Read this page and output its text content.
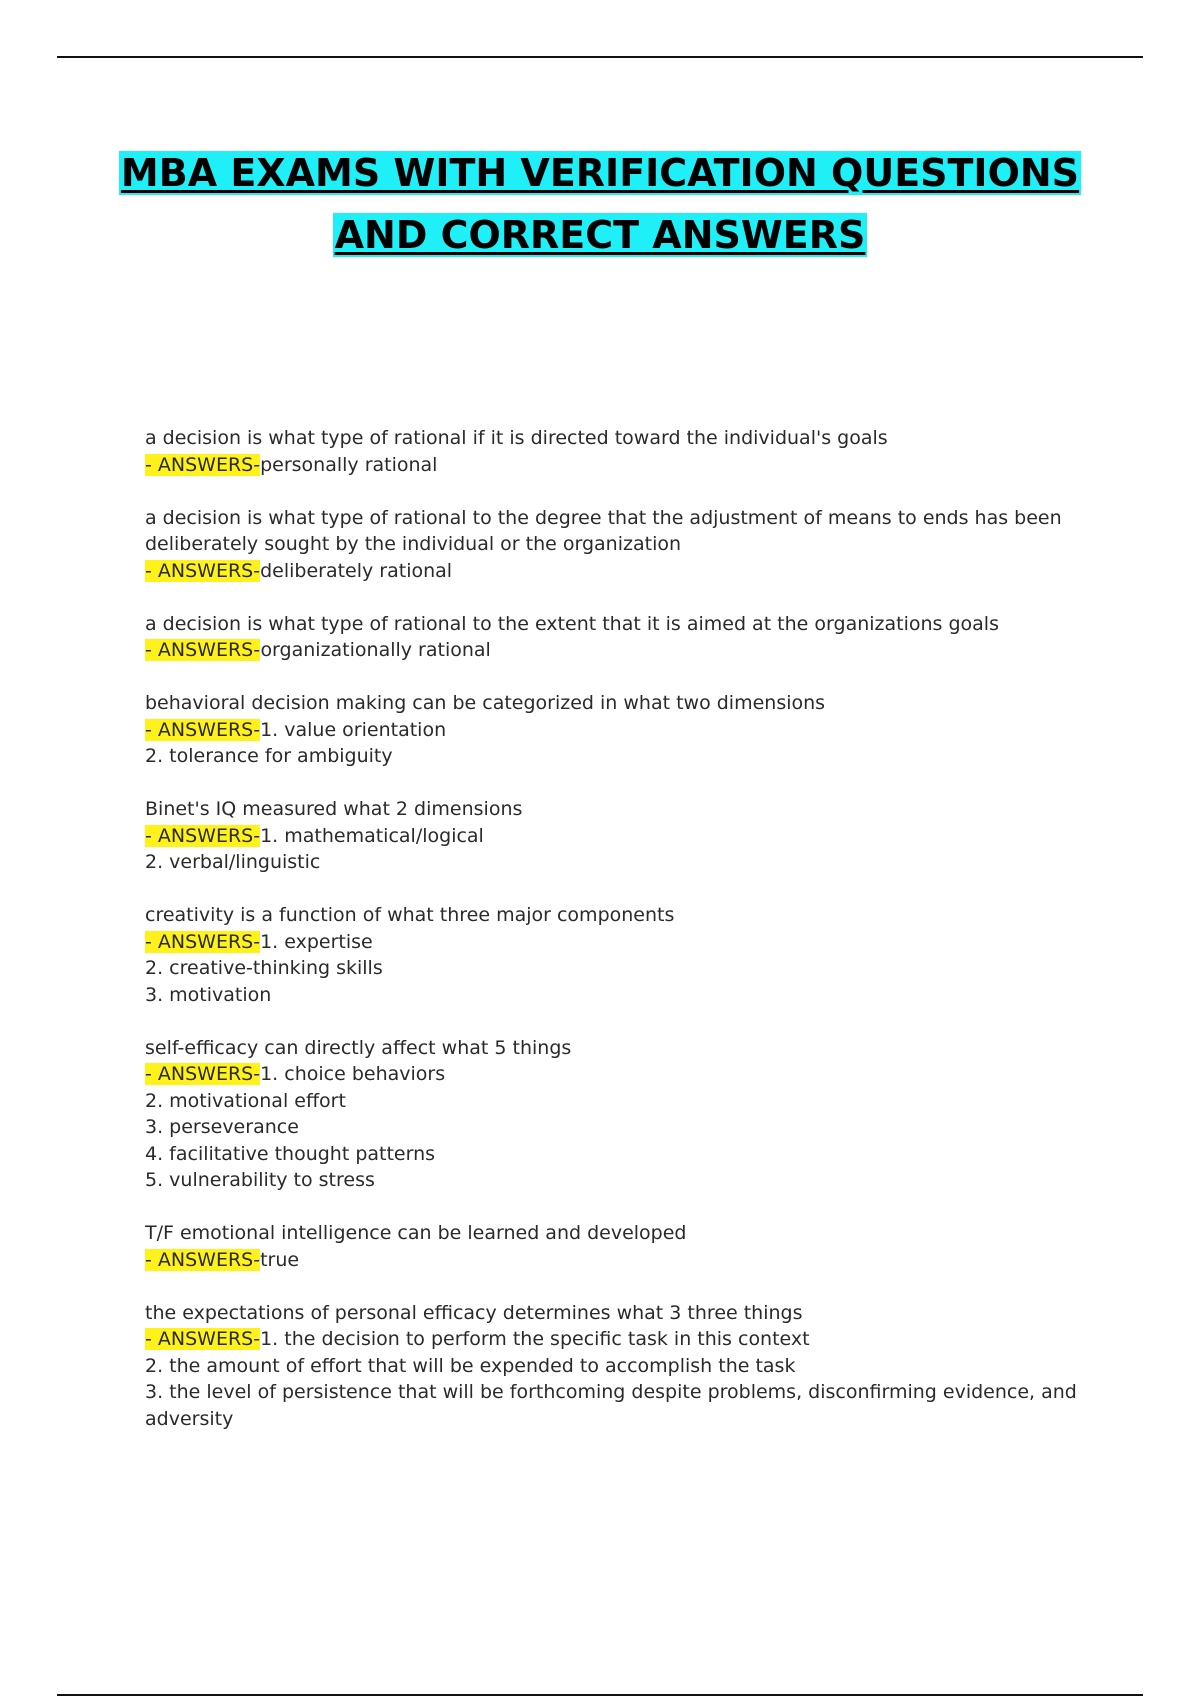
MBA EXAMS WITH VERIFICATION QUESTIONS
AND CORRECT ANSWERS
a decision is what type of rational if it is directed toward the individual's goals
- ANSWERS-personally rational
a decision is what type of rational to the degree that the adjustment of means to ends has been deliberately sought by the individual or the organization
- ANSWERS-deliberately rational
a decision is what type of rational to the extent that it is aimed at the organizations goals
- ANSWERS-organizationally rational
behavioral decision making can be categorized in what two dimensions
- ANSWERS-1. value orientation
2. tolerance for ambiguity
Binet's IQ measured what 2 dimensions
- ANSWERS-1. mathematical/logical
2. verbal/linguistic
creativity is a function of what three major components
- ANSWERS-1. expertise
2. creative-thinking skills
3. motivation
self-efficacy can directly affect what 5 things
- ANSWERS-1. choice behaviors
2. motivational effort
3. perseverance
4. facilitative thought patterns
5. vulnerability to stress
T/F emotional intelligence can be learned and developed
- ANSWERS-true
the expectations of personal efficacy determines what 3 three things
- ANSWERS-1. the decision to perform the specific task in this context
2. the amount of effort that will be expended to accomplish the task
3. the level of persistence that will be forthcoming despite problems, disconfirming evidence, and adversity
